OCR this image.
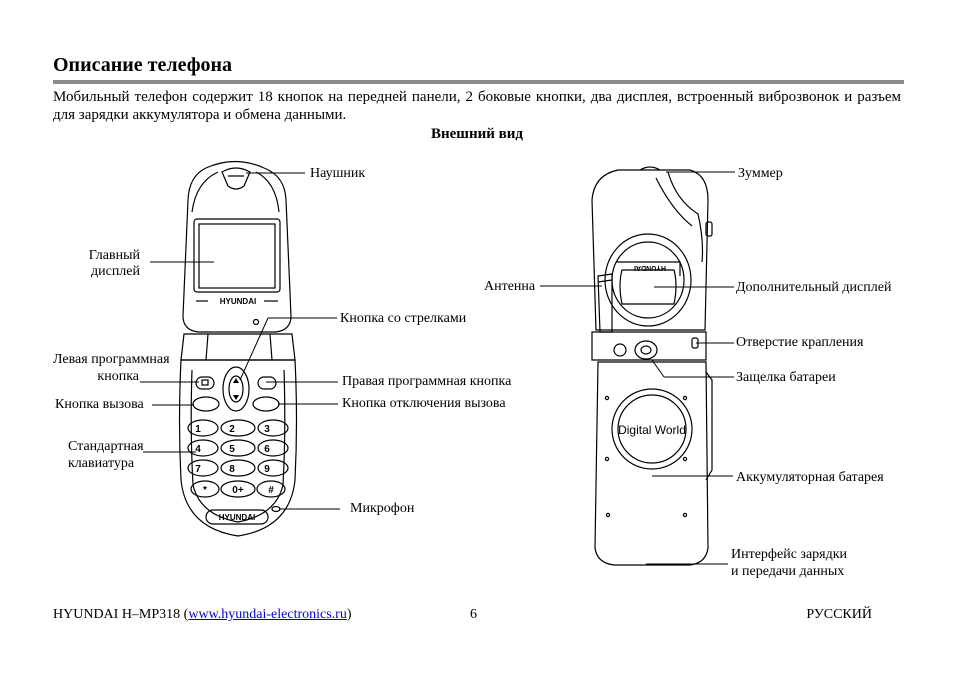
Описание телефона
Мобильный телефон содержит 18 кнопок на передней панели, 2 боковые кнопки, два дисплея, встроенный виброзвонок и разъем для зарядки аккумулятора и обмена данными.
Внешний вид
HYUNDAI
HYUNDAI
HYUNDAI
Digital World
1	2	3
4	5	6
7	8	9
*	0+ #
Наушник
Главный
дисплей
Кнопка со стрелками
Левая программная
кнопка	Правая программная кнопка
Кнопка вызова	Кнопка отключения вызова
Стандартная
клавиатура
Микрофон
Зуммер
Антенна	Дополнительный дисплей
Отверстие крапления
Защелка батареи
Аккумуляторная батарея
Интерфейс зарядки
и передачи данных
HYUNDAI H–MP318 (www.hyundai-electronics.ru)	6	РУССКИЙ
